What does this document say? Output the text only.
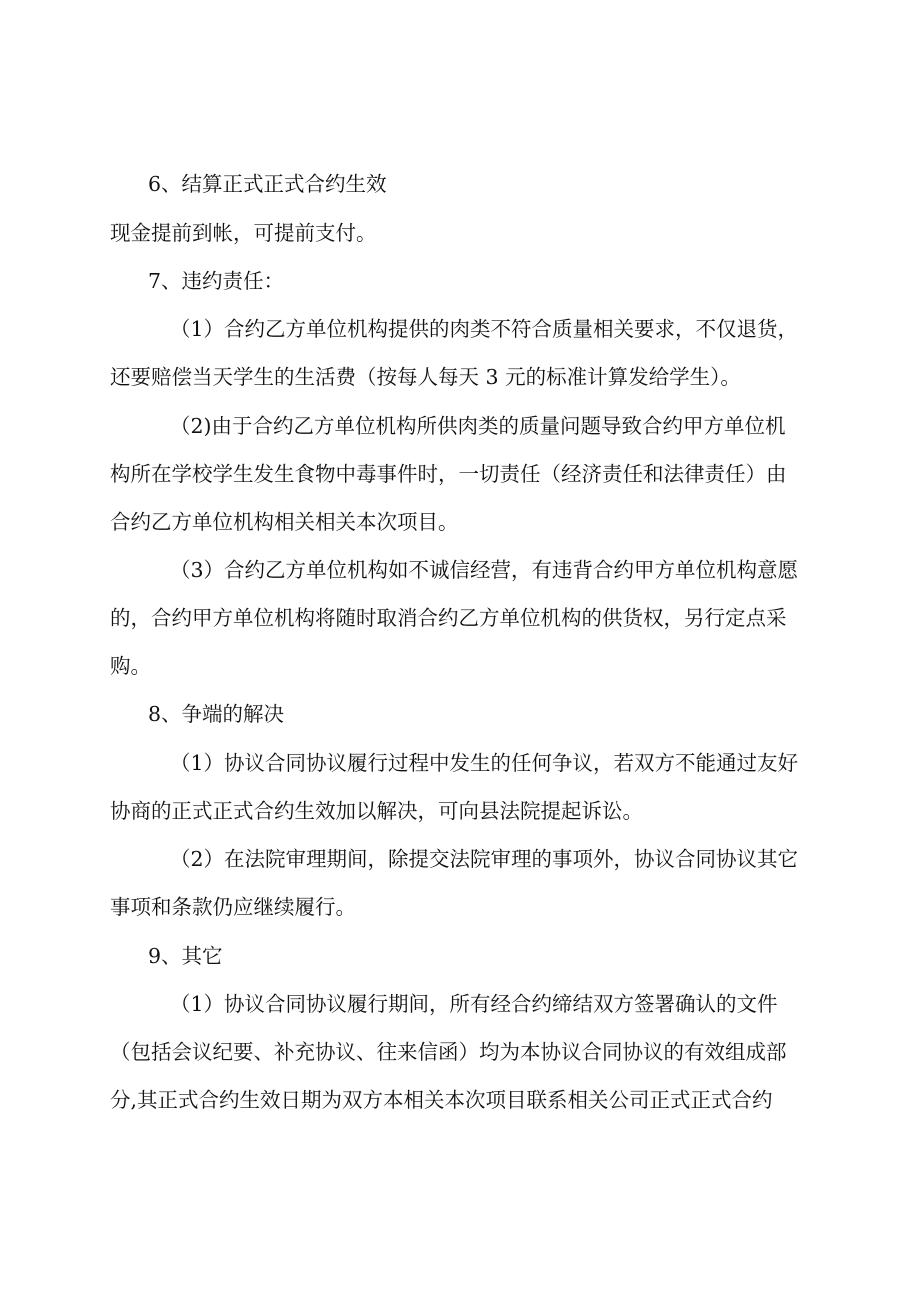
6、结算正式正式合约生效
现金提前到帐，可提前支付。
7、违约责任：
（1）合约乙方单位机构提供的肉类不符合质量相关要求，不仅退货，
还要赔偿当天学生的生活费（按每人每天 3 元的标准计算发给学生）。
（2)由于合约乙方单位机构所供肉类的质量问题导致合约甲方单位机
构所在学校学生发生食物中毒事件时，一切责任（经济责任和法律责任）由
合约乙方单位机构相关相关本次项目。
（3）合约乙方单位机构如不诚信经营，有违背合约甲方单位机构意愿
的，合约甲方单位机构将随时取消合约乙方单位机构的供货权，另行定点采
购。
8、争端的解决
（1）协议合同协议履行过程中发生的任何争议，若双方不能通过友好
协商的正式正式合约生效加以解决，可向县法院提起诉讼。
（2）在法院审理期间，除提交法院审理的事项外，协议合同协议其它
事项和条款仍应继续履行。
9、其它
（1）协议合同协议履行期间，所有经合约缔结双方签署确认的文件
（包括会议纪要、补充协议、往来信函）均为本协议合同协议的有效组成部
分,其正式合约生效日期为双方本相关本次项目联系相关公司正式正式合约
